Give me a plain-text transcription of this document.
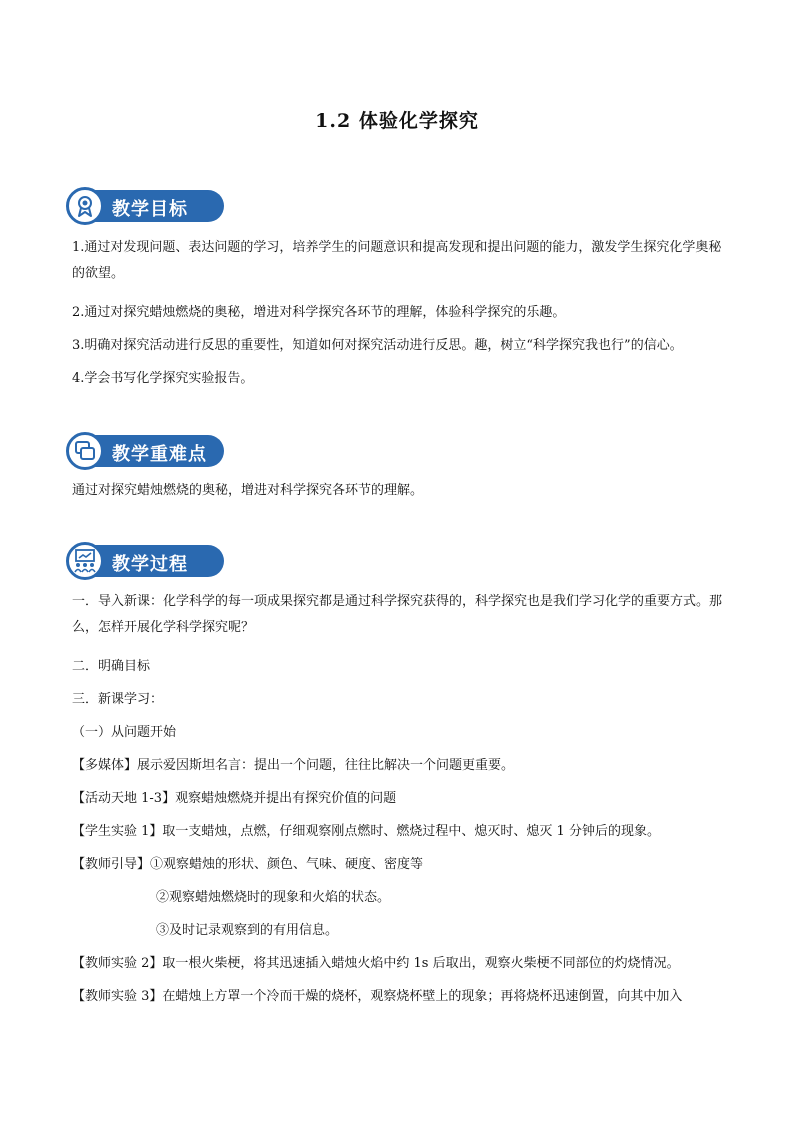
1.2 体验化学探究
教学目标
1.通过对发现问题、表达问题的学习，培养学生的问题意识和提高发现和提出问题的能力，激发学生探究化学奥秘的欲望。
2.通过对探究蜡烛燃烧的奥秘，增进对科学探究各环节的理解，体验科学探究的乐趣。
3.明确对探究活动进行反思的重要性，知道如何对探究活动进行反思。趣，树立“科学探究我也行”的信心。
4.学会书写化学探究实验报告。
教学重难点
通过对探究蜡烛燃烧的奥秘，增进对科学探究各环节的理解。
教学过程
一．导入新课：化学科学的每一项成果探究都是通过科学探究获得的，科学探究也是我们学习化学的重要方式。那么，怎样开展化学科学探究呢？
二．明确目标
三．新课学习：
（一）从问题开始
【多媒体】展示爱因斯坦名言：提出一个问题，往往比解决一个问题更重要。
【活动天地 1-3】观察蜡烛燃烧并提出有探究价值的问题
【学生实验 1】取一支蜡烛，点燃，仔细观察刚点燃时、燃烧过程中、熄灭时、熄灭 1 分钟后的现象。
【教师引导】①观察蜡烛的形状、颜色、气味、硬度、密度等
②观察蜡烛燃烧时的现象和火焰的状态。
③及时记录观察到的有用信息。
【教师实验 2】取一根火柴梗，将其迅速插入蜡烛火焰中约 1s 后取出，观察火柴梗不同部位的灼烧情况。
【教师实验 3】在蜡烛上方罩一个冷而干燥的烧杯，观察烧杯壁上的现象；再将烧杯迅速倒置，向其中加入
